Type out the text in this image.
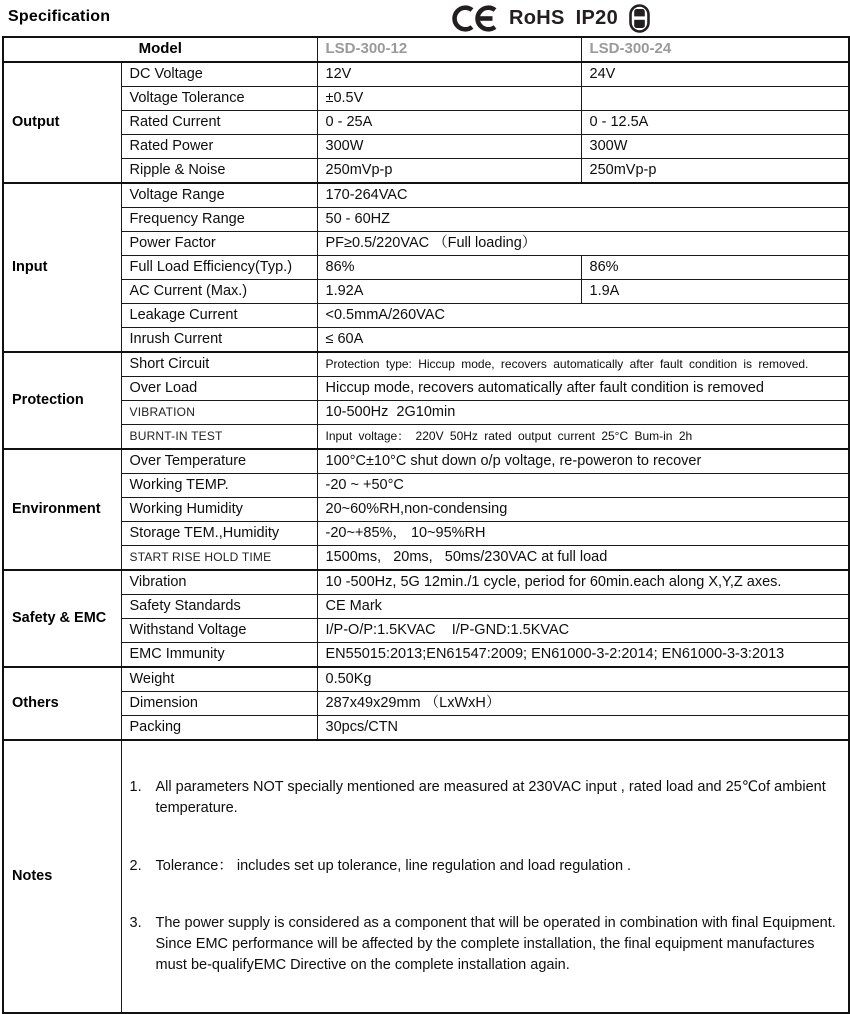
Specification	RoHS IP20
Model		LSD-300-12	LSD-300-24
Output	DC Voltage	12V	24V
	Voltage Tolerance	±0.5V	
	Rated Current	0 - 25A	0 - 12.5A
	Rated Power	300W	300W
	Ripple & Noise	250mVp-p	250mVp-p
Input	Voltage Range	170-264VAC	
	Frequency Range	50 - 60HZ	
	Power Factor	PF≥0.5/220VAC （Full loading）	
	Full Load Efficiency(Typ.)	86%	86%
	AC Current (Max.)	1.92A	1.9A
	Leakage Current	<0.5mmA/260VAC	
	Inrush Current	≤ 60A	
Protection	Short Circuit	Protection type: Hiccup mode, recovers automatically after fault condition is removed.	
	Over Load	Hiccup mode, recovers automatically after fault condition is removed	
	VIBRATION	10-500Hz  2G10min	
	BURNT-IN TEST	Input voltage： 220V 50Hz rated output current 25°C Bum-in 2h	
Environment	Over Temperature	100°C±10°C shut down o/p voltage, re-poweron to recover	
	Working TEMP.	-20 ~ +50°C	
	Working Humidity	20~60%RH,non-condensing	
	Storage TEM.,Humidity	-20~+85%， 10~95%RH	
	START RISE HOLD TIME	1500ms,   20ms,   50ms/230VAC at full load	
Safety & EMC	Vibration	10 -500Hz, 5G 12min./1 cycle, period for 60min.each along X,Y,Z axes.	
	Safety Standards	CE Mark	
	Withstand Voltage	I/P-O/P:1.5KVAC    I/P-GND:1.5KVAC	
	EMC Immunity	EN55015:2013;EN61547:2009; EN61000-3-2:2014; EN61000-3-3:2013	
Others	Weight	0.50Kg	
	Dimension	287x49x29mm （LxWxH）	
	Packing	30pcs/CTN	
Notes	

1. All parameters NOT specially mentioned are measured at 230VAC input , rated load and 25℃of ambient temperature.

2. Tolerance： includes set up tolerance, line regulation and load regulation .

3. The power supply is considered as a component that will be operated in combination with final Equipment. Since EMC performance will be affected by the complete installation, the final equipment manufactures must be-qualifyEMC Directive on the complete installation again.
